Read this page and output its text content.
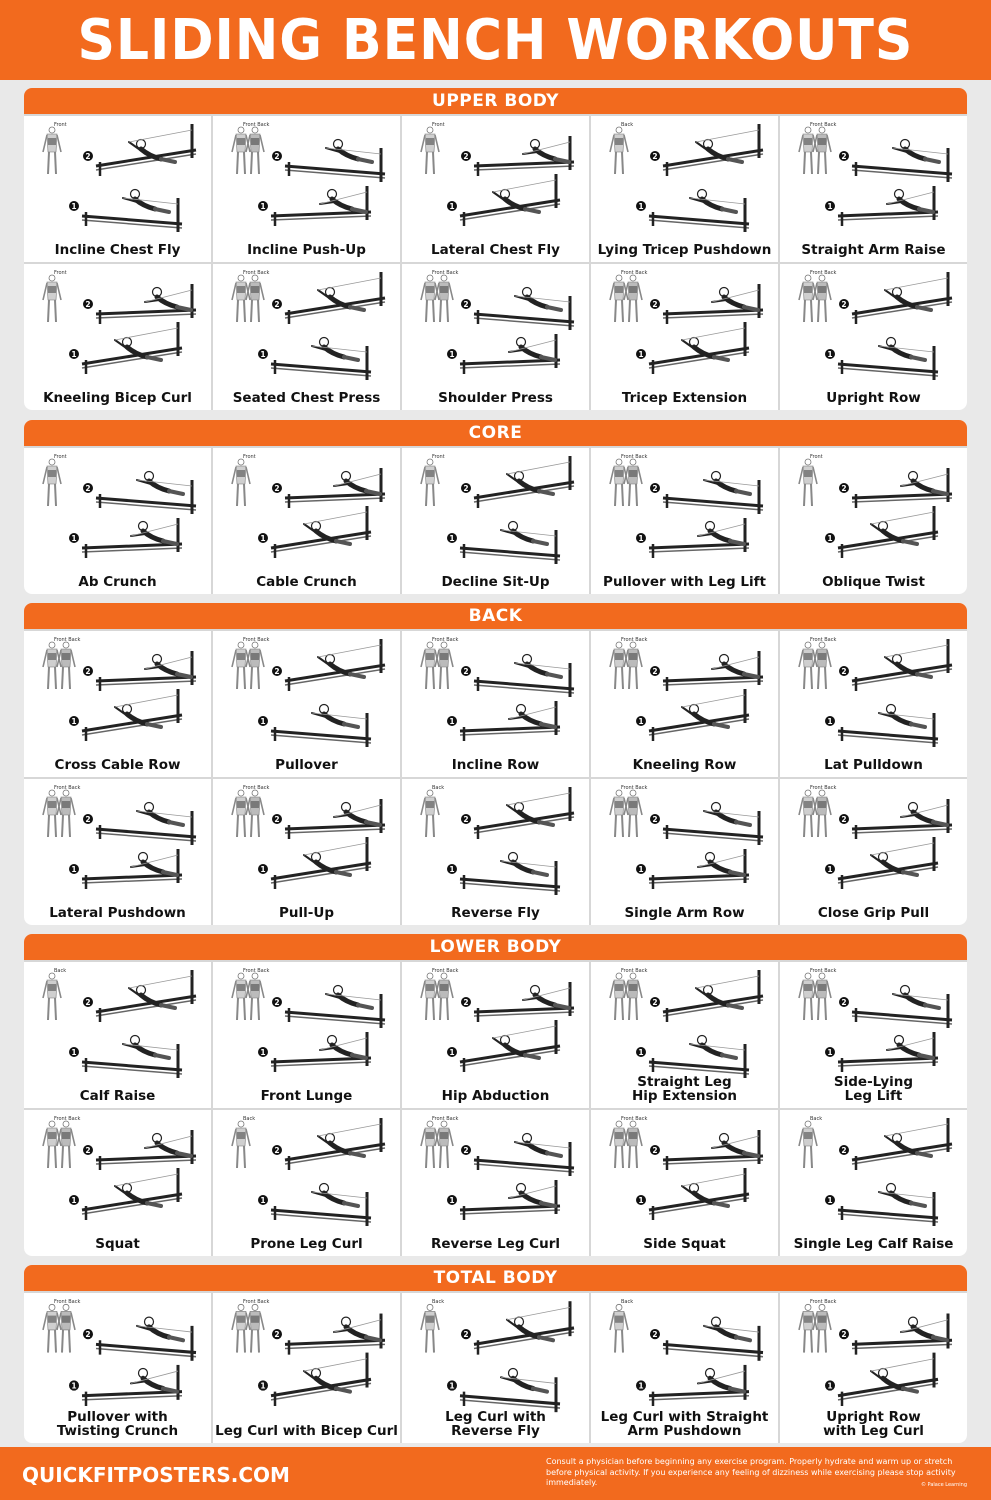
SLIDING BENCH WORKOUTS
UPPER BODY
2
1
Front
Incline Chest Fly
2
1
Front Back
Incline Push-Up
2
1
Front
Lateral Chest Fly
2
1
Back
Lying Tricep Pushdown
2
1
Front Back
Straight Arm Raise
2
1
Front
Kneeling Bicep Curl
2
1
Front Back
Seated Chest Press
2
1
Front Back
Shoulder Press
2
1
Front Back
Tricep Extension
2
1
Front Back
Upright Row
CORE
2
1
Front
Ab Crunch
2
1
Front
Cable Crunch
2
1
Front
Decline Sit-Up
2
1
Front Back
Pullover with Leg Lift
2
1
Front
Oblique Twist
BACK
2
1
Front Back
Cross Cable Row
2
1
Front Back
Pullover
2
1
Front Back
Incline Row
2
1
Front Back
Kneeling Row
2
1
Front Back
Lat Pulldown
2
1
Front Back
Lateral Pushdown
2
1
Front Back
Pull-Up
2
1
Back
Reverse Fly
2
1
Front Back
Single Arm Row
2
1
Front Back
Close Grip Pull
LOWER BODY
2
1
Back
Calf Raise
2
1
Front Back
Front Lunge
2
1
Front Back
Hip Abduction
2
1
Front Back
Straight Leg
Hip Extension
2
1
Front Back
Side-Lying
Leg Lift
2
1
Front Back
Squat
2
1
Back
Prone Leg Curl
2
1
Front Back
Reverse Leg Curl
2
1
Front Back
Side Squat
2
1
Back
Single Leg Calf Raise
TOTAL BODY
2
1
Front Back
Pullover with
Twisting Crunch
2
1
Front Back
Leg Curl with Bicep Curl
2
1
Back
Leg Curl with
Reverse Fly
2
1
Back
Leg Curl with Straight
Arm Pushdown
2
1
Front Back
Upright Row
with Leg Curl
QUICKFITPOSTERS.COM
Consult a physician before beginning any exercise program. Properly hydrate and warm up or stretch before physical activity. If you experience any feeling of dizziness while exercising please stop activity immediately.	© Palace Learning
